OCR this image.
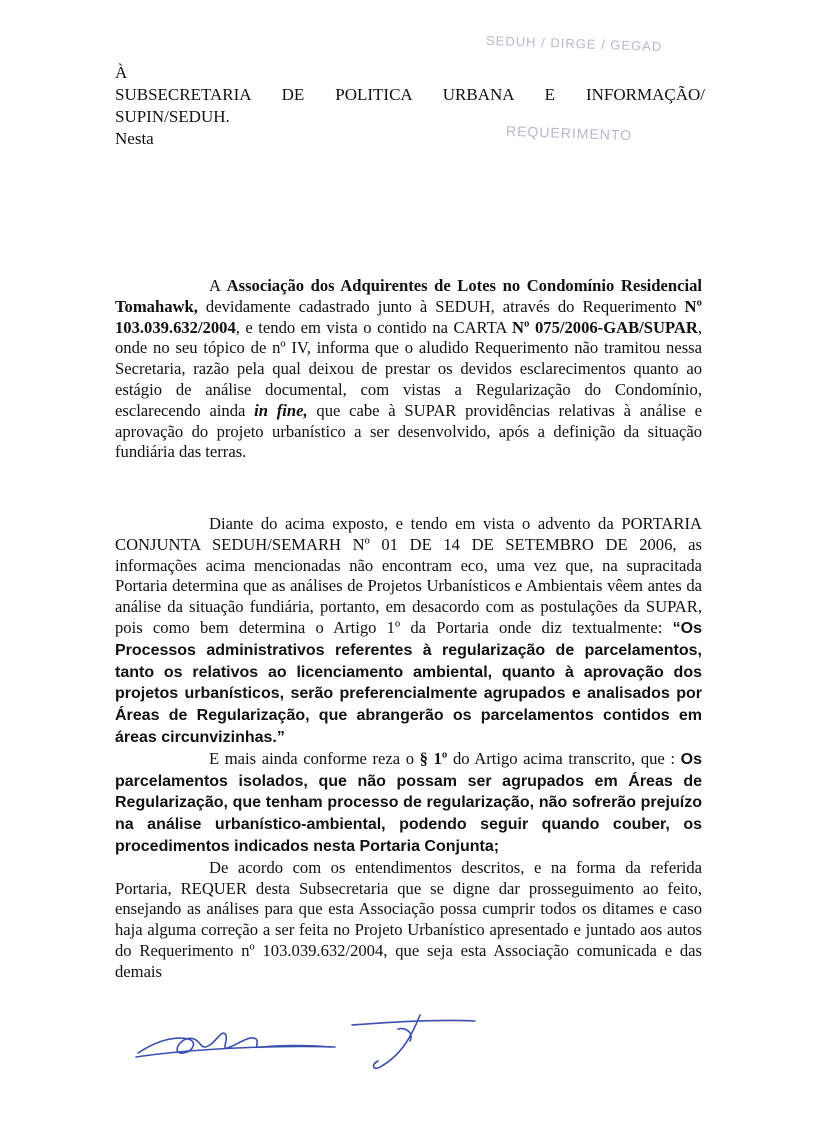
SEDUH / DIRGE / GEGAD
REQUERIMENTO
À
SUBSECRETARIA DE POLITICA URBANA E INFORMAÇÃO/
SUPIN/SEDUH.
Nesta

A Associação dos Adquirentes de Lotes no Condomínio Residencial Tomahawk, devidamente cadastrado junto à SEDUH, através do Requerimento Nº 103.039.632/2004, e tendo em vista o contido na CARTA Nº 075/2006-GAB/SUPAR, onde no seu tópico de nº IV, informa que o aludido Requerimento não tramitou nessa Secretaria, razão pela qual deixou de prestar os devidos esclarecimentos quanto ao estágio de análise documental, com vistas a Regularização do Condomínio, esclarecendo ainda in fine, que cabe à SUPAR providências relativas à análise e aprovação do projeto urbanístico a ser desenvolvido, após a definição da situação fundiária das terras.

Diante do acima exposto, e tendo em vista o advento da PORTARIA CONJUNTA SEDUH/SEMARH Nº 01 DE 14 DE SETEMBRO DE 2006, as informações acima mencionadas não encontram eco, uma vez que, na supracitada Portaria determina que as análises de Projetos Urbanísticos e Ambientais vêem antes da análise da situação fundiária, portanto, em desacordo com as postulações da SUPAR, pois como bem determina o Artigo 1º da Portaria onde diz textualmente: “Os Processos administrativos referentes à regularização de parcelamentos, tanto os relativos ao licenciamento ambiental, quanto à aprovação dos projetos urbanísticos, serão preferencialmente agrupados e analisados por Áreas de Regularização, que abrangerão os parcelamentos contidos em áreas circunvizinhas.”

E mais ainda conforme reza o § 1º do Artigo acima transcrito, que : Os parcelamentos isolados, que não possam ser agrupados em Áreas de Regularização, que tenham processo de regularização, não sofrerão prejuízo na análise urbanístico-ambiental, podendo seguir quando couber, os procedimentos indicados nesta Portaria Conjunta;

De acordo com os entendimentos descritos, e na forma da referida Portaria, REQUER desta Subsecretaria que se digne dar prosseguimento ao feito, ensejando as análises para que esta Associação possa cumprir todos os ditames e caso haja alguma correção a ser feita no Projeto Urbanístico apresentado e juntado aos autos do Requerimento nº 103.039.632/2004, que seja esta Associação comunicada e das demais
